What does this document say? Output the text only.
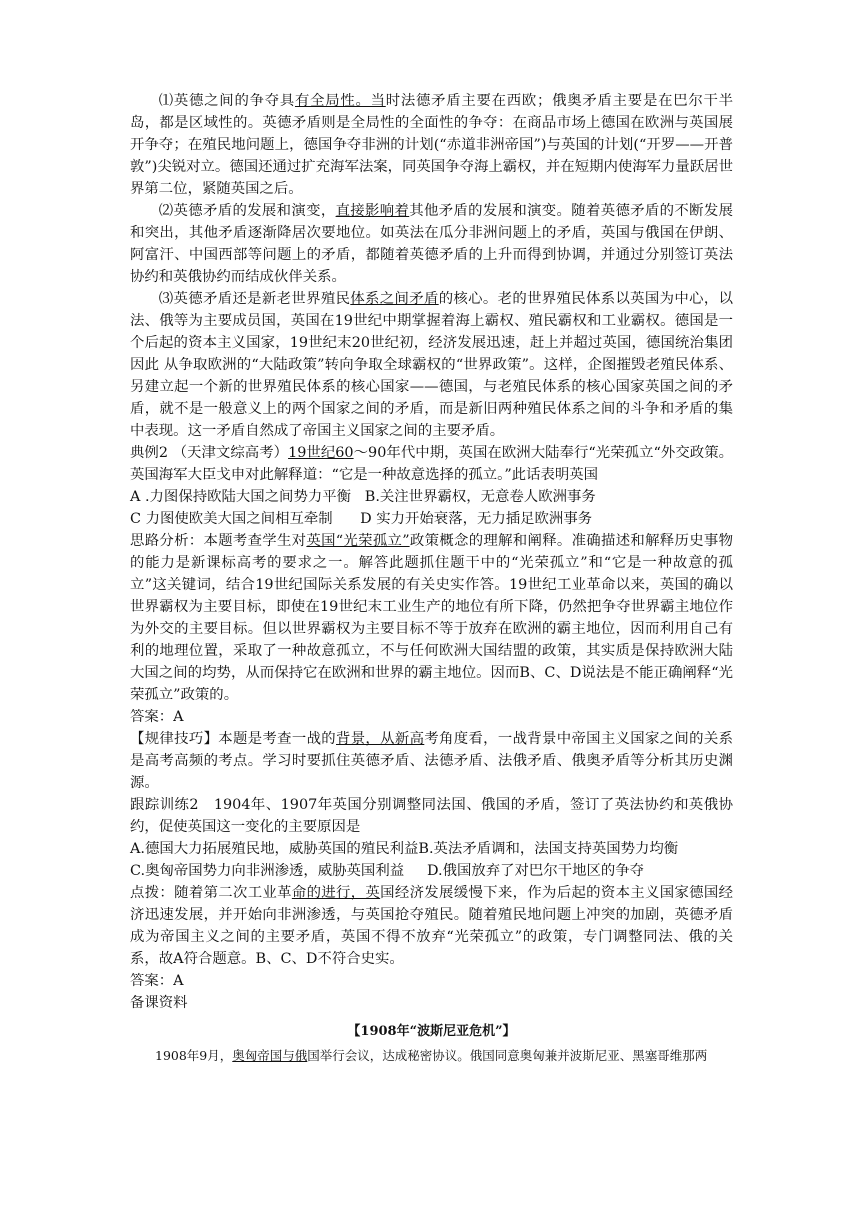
⑴英德之间的争夺具有全局性。当时法德矛盾主要在西欧；俄奥矛盾主要是在巴尔干半岛，都是区域性的。英德矛盾则是全局性的全面性的争夺：在商品市场上德国在欧洲与英国展开争夺；在殖民地问题上，德国争夺非洲的计划(“赤道非洲帝国”)与英国的计划(“开罗——开普敦”)尖锐对立。德国还通过扩充海军法案，同英国争夺海上霸权，并在短期内使海军力量跃居世界第二位，紧随英国之后。

⑵英德矛盾的发展和演变，直接影响着其他矛盾的发展和演变。随着英德矛盾的不断发展和突出，其他矛盾逐渐降居次要地位。如英法在瓜分非洲问题上的矛盾，英国与俄国在伊朗、阿富汗、中国西部等问题上的矛盾，都随着英德矛盾的上升而得到协调，并通过分别签订英法协约和英俄协约而结成伙伴关系。

⑶英德矛盾还是新老世界殖民体系之间矛盾的核心。老的世界殖民体系以英国为中心，以法、俄等为主要成员国，英国在19世纪中期掌握着海上霸权、殖民霸权和工业霸权。德国是一个后起的资本主义国家，19世纪末20世纪初，经济发展迅速，赶上并超过英国，德国统治集团因此 从争取欧洲的“大陆政策”转向争取全球霸权的“世界政策”。这样，企图摧毁老殖民体系、另建立起一个新的世界殖民体系的核心国家——德国，与老殖民体系的核心国家英国之间的矛盾，就不是一般意义上的两个国家之间的矛盾，而是新旧两种殖民体系之间的斗争和矛盾的集中表现。这一矛盾自然成了帝国主义国家之间的主要矛盾。

典例2 （天津文综高考）19世纪60～90年代中期，英国在欧洲大陆奉行“光荣孤立“外交政策。英国海军大臣戈申对此解释道：“它是一种故意选择的孤立。”此话表明英国

A .力图保持欧陆大国之间势力平衡
B.关注世界霸权，无意卷人欧洲事务
C 力图使欧美大国之间相互牵制
D 实力开始衰落，无力插足欧洲事务

思路分析：本题考查学生对英国“光荣孤立”政策概念的理解和阐释。准确描述和解释历史事物的能力是新课标高考的要求之一。解答此题抓住题干中的“光荣孤立”和“它是一种故意的孤立”这关键词，结合19世纪国际关系发展的有关史实作答。19世纪工业革命以来，英国的确以世界霸权为主要目标，即使在19世纪末工业生产的地位有所下降，仍然把争夺世界霸主地位作为外交的主要目标。但以世界霸权为主要目标不等于放弃在欧洲的霸主地位，因而利用自己有利的地理位置，采取了一种故意孤立，不与任何欧洲大国结盟的政策，其实质是保持欧洲大陆大国之间的均势，从而保持它在欧洲和世界的霸主地位。因而B、C、D说法是不能正确阐释“光荣孤立”政策的。

答案：A

【规律技巧】本题是考查一战的背景，从新高考角度看，一战背景中帝国主义国家之间的关系是高考高频的考点。学习时要抓住英德矛盾、法德矛盾、法俄矛盾、俄奥矛盾等分析其历史渊源。

跟踪训练2　1904年、1907年英国分别调整同法国、俄国的矛盾，签订了英法协约和英俄协约，促使英国这一变化的主要原因是

A.德国大力拓展殖民地，威胁英国的殖民利益 B.英法矛盾调和，法国支持英国势力均衡
C.奥匈帝国势力向非洲渗透，威胁英国利益
D.俄国放弃了对巴尔干地区的争夺

点拨：随着第二次工业革命的进行，英国经济发展缓慢下来，作为后起的资本主义国家德国经济迅速发展，并开始向非洲渗透，与英国抢夺殖民。随着殖民地问题上冲突的加剧，英德矛盾成为帝国主义之间的主要矛盾，英国不得不放弃“光荣孤立”的政策，专门调整同法、俄的关系，故A符合题意。B、C、D不符合史实。

答案：A

备课资料

【1908年“波斯尼亚危机”】

1908年9月，奥匈帝国与俄国举行会议，达成秘密协议。俄国同意奥匈兼并波斯尼亚、黑塞哥维那两
